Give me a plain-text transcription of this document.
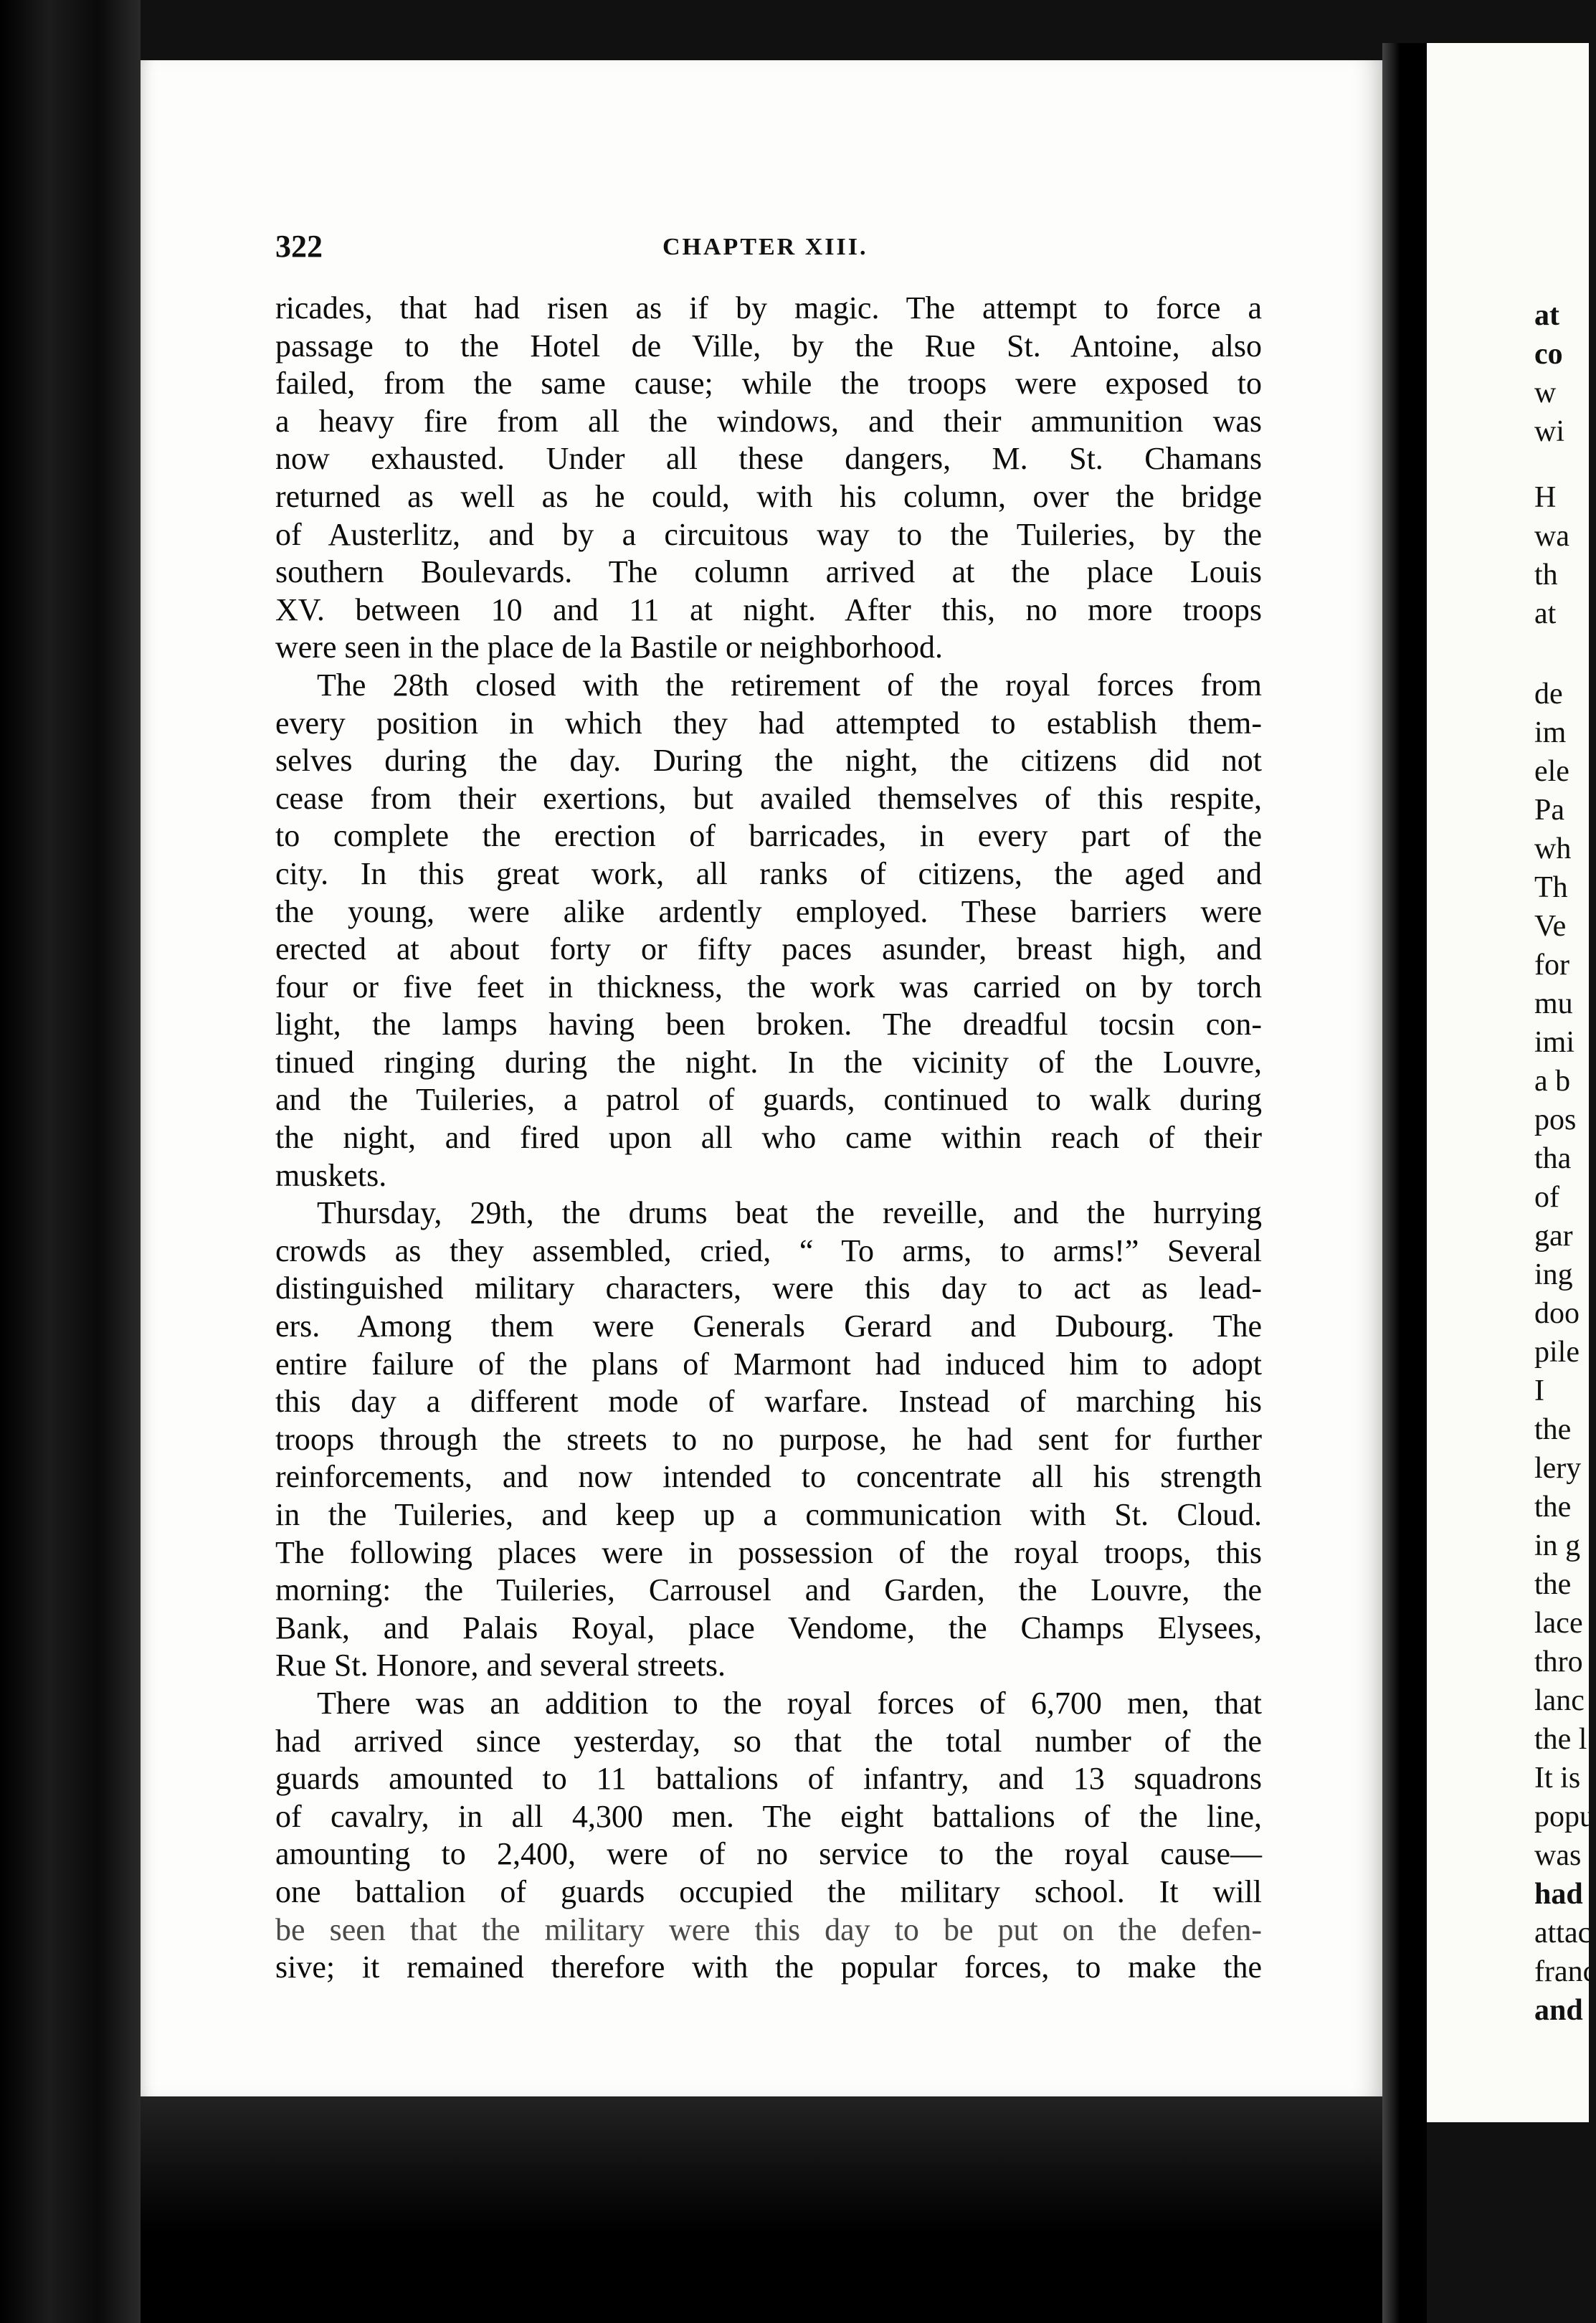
322	CHAPTER XIII.
ricades, that had risen as if by magic. The attempt to force a
passage to the Hotel de Ville, by the Rue St. Antoine, also
failed, from the same cause; while the troops were exposed to
a heavy fire from all the windows, and their ammunition was
now exhausted. Under all these dangers, M. St. Chamans
returned as well as he could, with his column, over the bridge
of Austerlitz, and by a circuitous way to the Tuileries, by the
southern Boulevards. The column arrived at the place Louis
XV. between 10 and 11 at night. After this, no more troops
were seen in the place de la Bastile or neighborhood.
The 28th closed with the retirement of the royal forces from
every position in which they had attempted to establish them-
selves during the day. During the night, the citizens did not
cease from their exertions, but availed themselves of this respite,
to complete the erection of barricades, in every part of the
city. In this great work, all ranks of citizens, the aged and
the young, were alike ardently employed. These barriers were
erected at about forty or fifty paces asunder, breast high, and
four or five feet in thickness, the work was carried on by torch
light, the lamps having been broken. The dreadful tocsin con-
tinued ringing during the night. In the vicinity of the Louvre,
and the Tuileries, a patrol of guards, continued to walk during
the night, and fired upon all who came within reach of their
muskets.
Thursday, 29th, the drums beat the reveille, and the hurrying
crowds as they assembled, cried, “ To arms, to arms!” Several
distinguished military characters, were this day to act as lead-
ers. Among them were Generals Gerard and Dubourg. The
entire failure of the plans of Marmont had induced him to adopt
this day a different mode of warfare. Instead of marching his
troops through the streets to no purpose, he had sent for further
reinforcements, and now intended to concentrate all his strength
in the Tuileries, and keep up a communication with St. Cloud.
The following places were in possession of the royal troops, this
morning: the Tuileries, Carrousel and Garden, the Louvre, the
Bank, and Palais Royal, place Vendome, the Champs Elysees,
Rue St. Honore, and several streets.
There was an addition to the royal forces of 6,700 men, that
had arrived since yesterday, so that the total number of the
guards amounted to 11 battalions of infantry, and 13 squadrons
of cavalry, in all 4,300 men. The eight battalions of the line,
amounting to 2,400, were of no service to the royal cause—
one battalion of guards occupied the military school. It will
be seen that the military were this day to be put on the defen-
sive; it remained therefore with the popular forces, to make the
at
co
w
wi
H
wa
th
at
de
im
ele
Pa
wh
Th
Ve
for
mu
imi
a b
pos
tha
of
gar
ing
doo
pile
I
the
lery
the
in g
the
lace
thro
lanc
the l
It is
popu
was
had
attac
franc
and
